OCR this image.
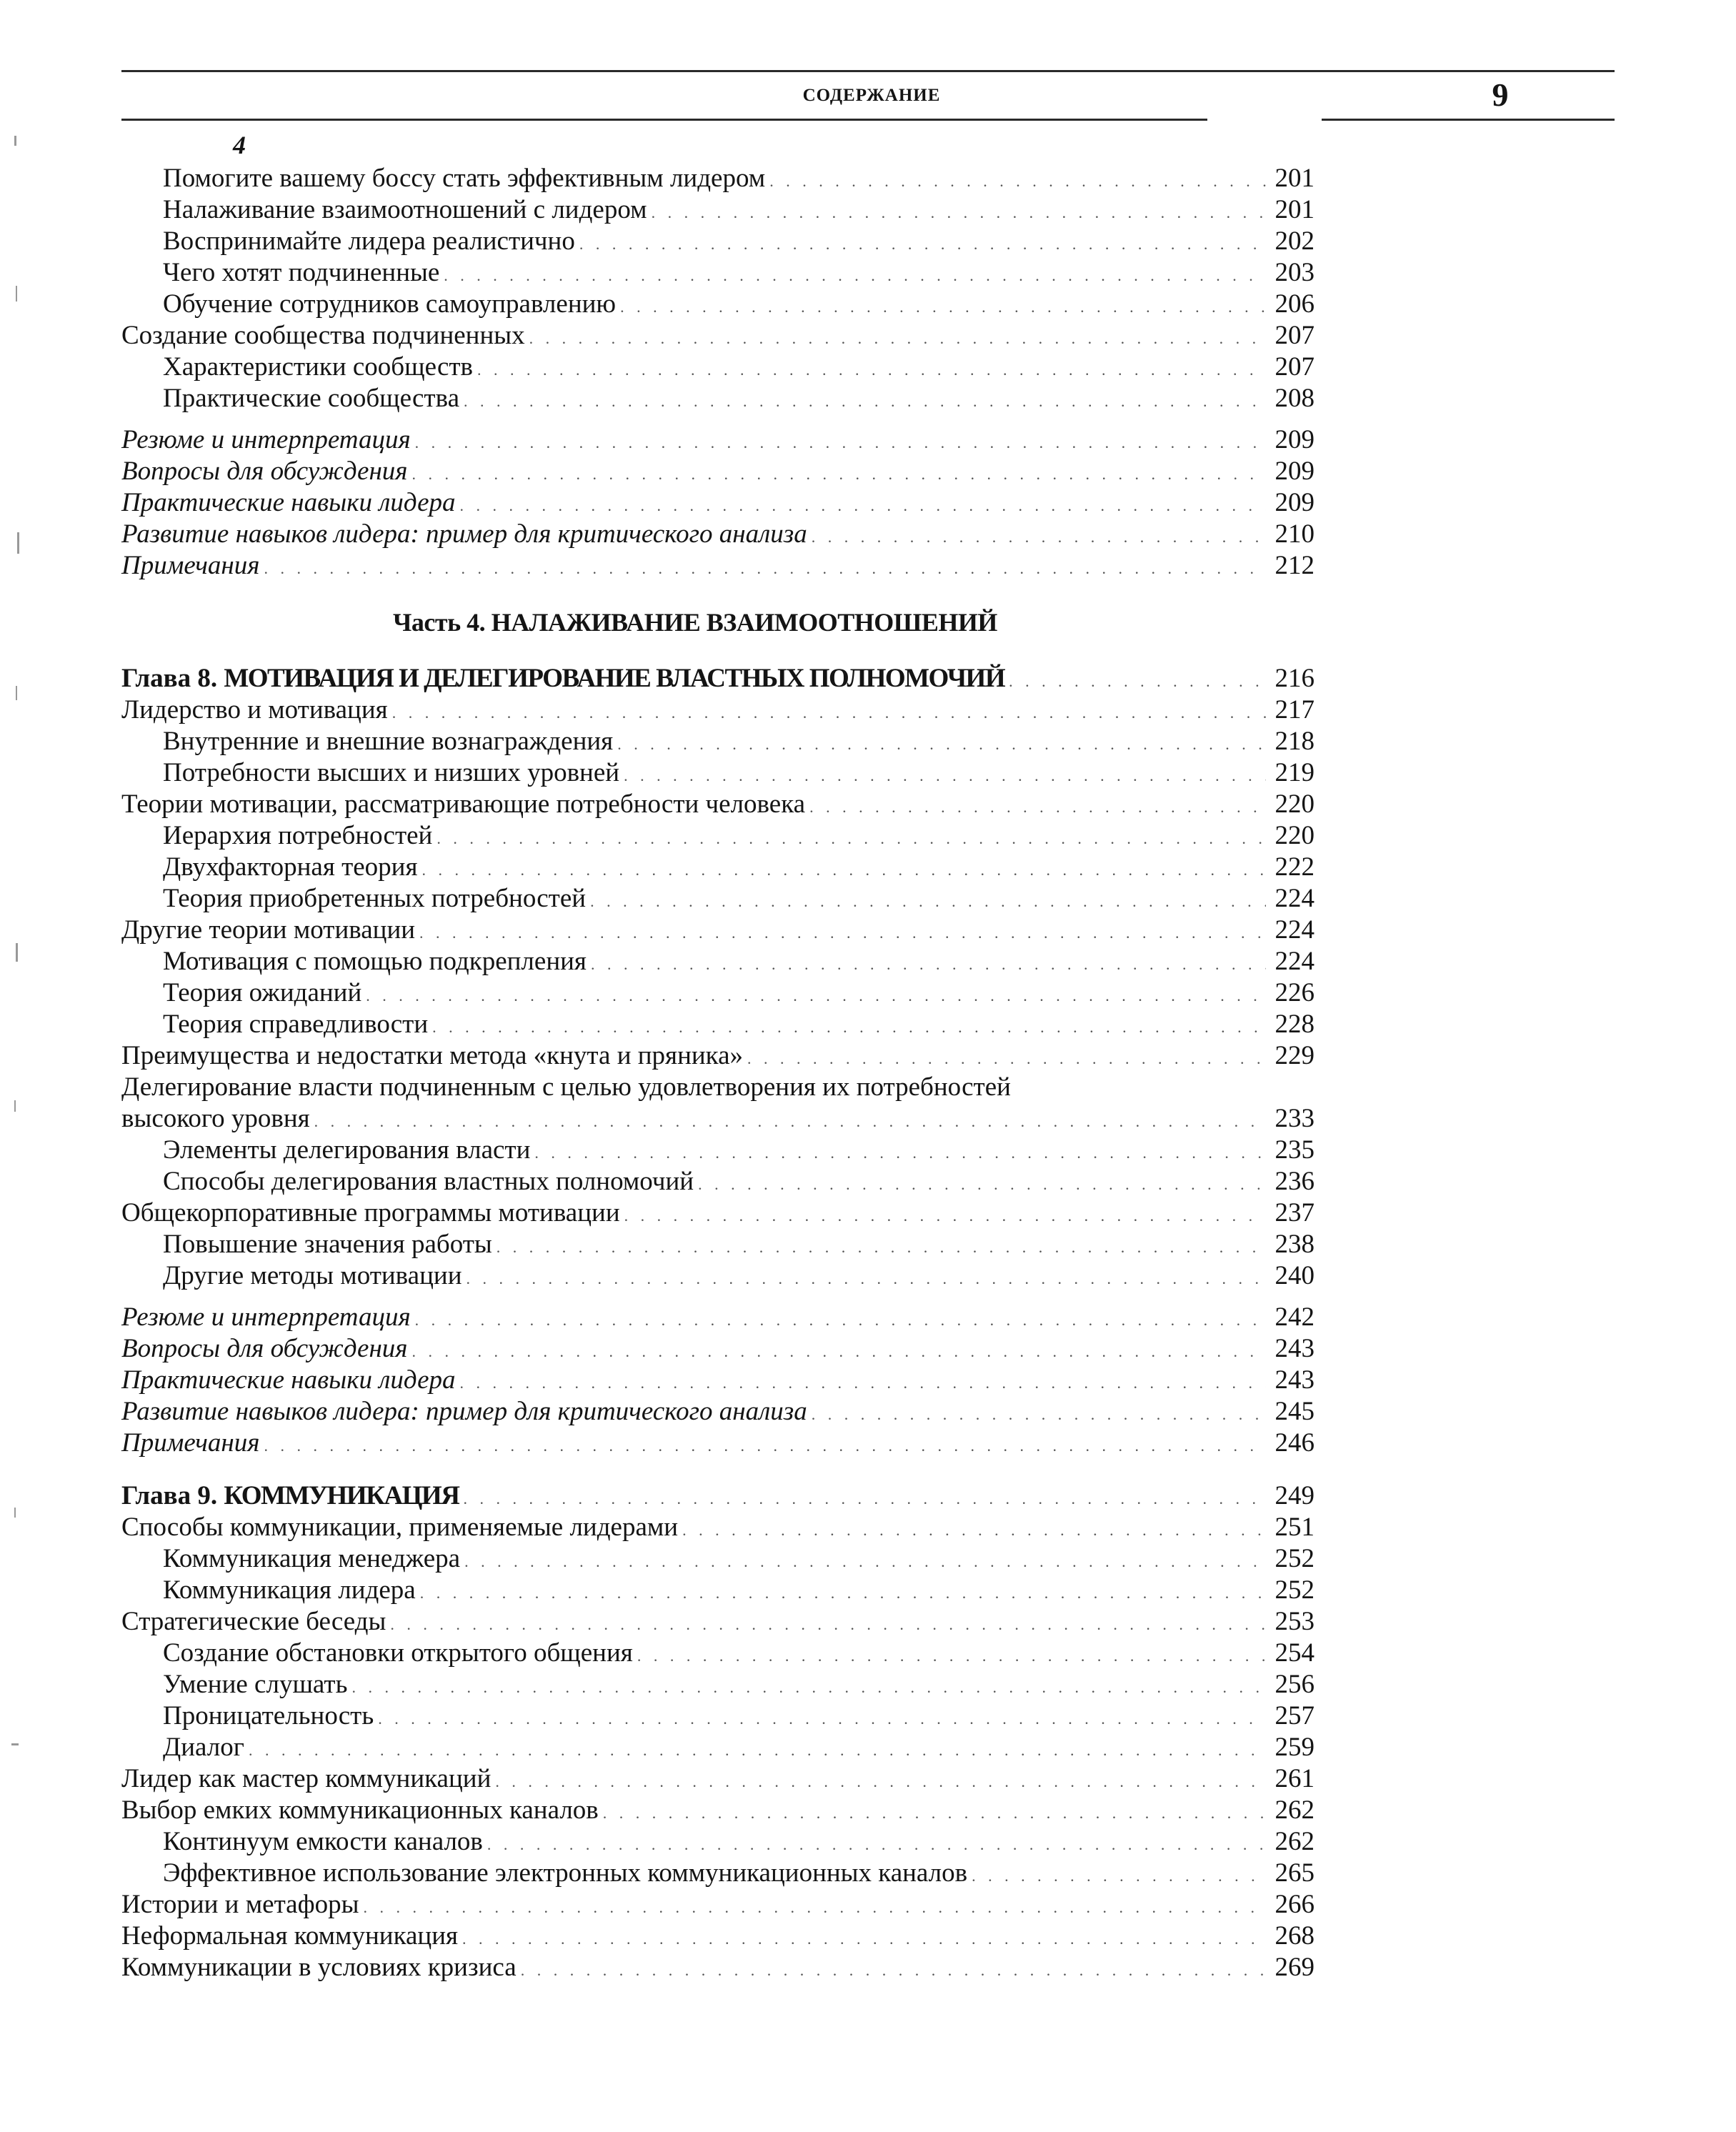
СОДЕРЖАНИЕ	9
4
Помогите вашему боссу стать эффективным лидером . . .	201
Налаживание взаимоотношений с лидером . . .	201
Воспринимайте лидера реалистично . . .	202
Чего хотят подчиненные . . .	203
Обучение сотрудников самоуправлению . . .	206
Создание сообщества подчиненных . . .	207
Характеристики сообществ . . .	207
Практические сообщества . . .	208
Резюме и интерпретация . . .	209
Вопросы для обсуждения . . .	209
Практические навыки лидера . . .	209
Развитие навыков лидера: пример для критического анализа . . .	210
Примечания . . .	212
Часть 4. НАЛАЖИВАНИЕ ВЗАИМООТНОШЕНИЙ
Глава 8. МОТИВАЦИЯ И ДЕЛЕГИРОВАНИЕ ВЛАСТНЫХ ПОЛНОМОЧИЙ . . .	216
Лидерство и мотивация . . .	217
Внутренние и внешние вознаграждения . . .	218
Потребности высших и низших уровней . . .	219
Теории мотивации, рассматривающие потребности человека . . .	220
Иерархия потребностей . . .	220
Двухфакторная теория . . .	222
Теория приобретенных потребностей . . .	224
Другие теории мотивации . . .	224
Мотивация с помощью подкрепления . . .	224
Теория ожиданий . . .	226
Теория справедливости . . .	228
Преимущества и недостатки метода «кнута и пряника» . . .	229
Делегирование власти подчиненным с целью удовлетворения их потребностей
высокого уровня . . .	233
Элементы делегирования власти . . .	235
Способы делегирования властных полномочий . . .	236
Общекорпоративные программы мотивации . . .	237
Повышение значения работы . . .	238
Другие методы мотивации . . .	240
Резюме и интерпретация . . .	242
Вопросы для обсуждения . . .	243
Практические навыки лидера . . .	243
Развитие навыков лидера: пример для критического анализа . . .	245
Примечания . . .	246
Глава 9. КОММУНИКАЦИЯ . . .	249
Способы коммуникации, применяемые лидерами . . .	251
Коммуникация менеджера . . .	252
Коммуникация лидера . . .	252
Стратегические беседы . . .	253
Создание обстановки открытого общения . . .	254
Умение слушать . . .	256
Проницательность . . .	257
Диалог . . .	259
Лидер как мастер коммуникаций . . .	261
Выбор емких коммуникационных каналов . . .	262
Континуум емкости каналов . . .	262
Эффективное использование электронных коммуникационных каналов . . .	265
Истории и метафоры . . .	266
Неформальная коммуникация . . .	268
Коммуникации в условиях кризиса . . .	269
